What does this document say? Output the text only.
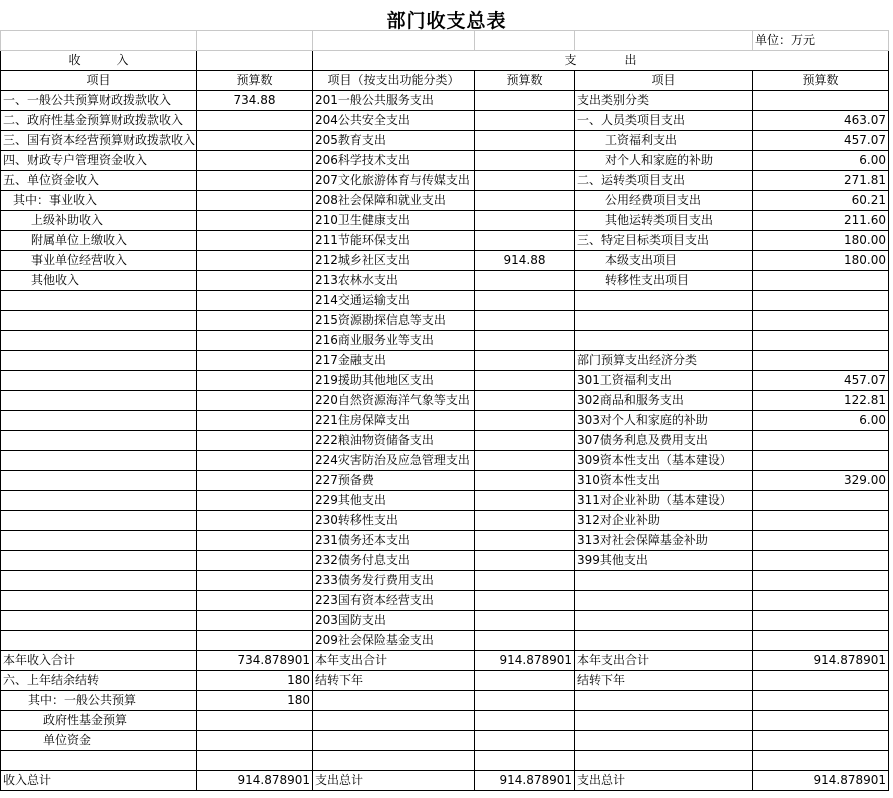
部门收支总表
					单位：万元
收　　　入		支　　　　出			
项目	预算数	项目（按支出功能分类）	预算数	项目	预算数
一、一般公共预算财政拨款收入	734.88	201一般公共服务支出		支出类别分类	
二、政府性基金预算财政拨款收入		204公共安全支出		一、人员类项目支出	463.07
三、国有资本经营预算财政拨款收入		205教育支出		工资福利支出	457.07
四、财政专户管理资金收入		206科学技术支出		对个人和家庭的补助	6.00
五、单位资金收入		207文化旅游体育与传媒支出		二、运转类项目支出	271.81
其中：事业收入		208社会保障和就业支出		公用经费项目支出	60.21
上级补助收入		210卫生健康支出		其他运转类项目支出	211.60
附属单位上缴收入		211节能环保支出		三、特定目标类项目支出	180.00
事业单位经营收入		212城乡社区支出	914.88	本级支出项目	180.00
其他收入		213农林水支出		转移性支出项目	
		214交通运输支出			
		215资源勘探信息等支出			
		216商业服务业等支出			
		217金融支出		部门预算支出经济分类	
		219援助其他地区支出		301工资福利支出	457.07
		220自然资源海洋气象等支出		302商品和服务支出	122.81
		221住房保障支出		303对个人和家庭的补助	6.00
		222粮油物资储备支出		307债务利息及费用支出	
		224灾害防治及应急管理支出		309资本性支出（基本建设）	
		227预备费		310资本性支出	329.00
		229其他支出		311对企业补助（基本建设）	
		230转移性支出		312对企业补助	
		231债务还本支出		313对社会保障基金补助	
		232债务付息支出		399其他支出	
		233债务发行费用支出			
		223国有资本经营支出			
		203国防支出			
		209社会保险基金支出			
本年收入合计	734.878901	本年支出合计	914.878901	本年支出合计	914.878901
六、上年结余结转	180	结转下年		结转下年	
其中：一般公共预算	180				
政府性基金预算					
单位资金					

收入总计	914.878901	支出总计	914.878901	支出总计	914.878901
